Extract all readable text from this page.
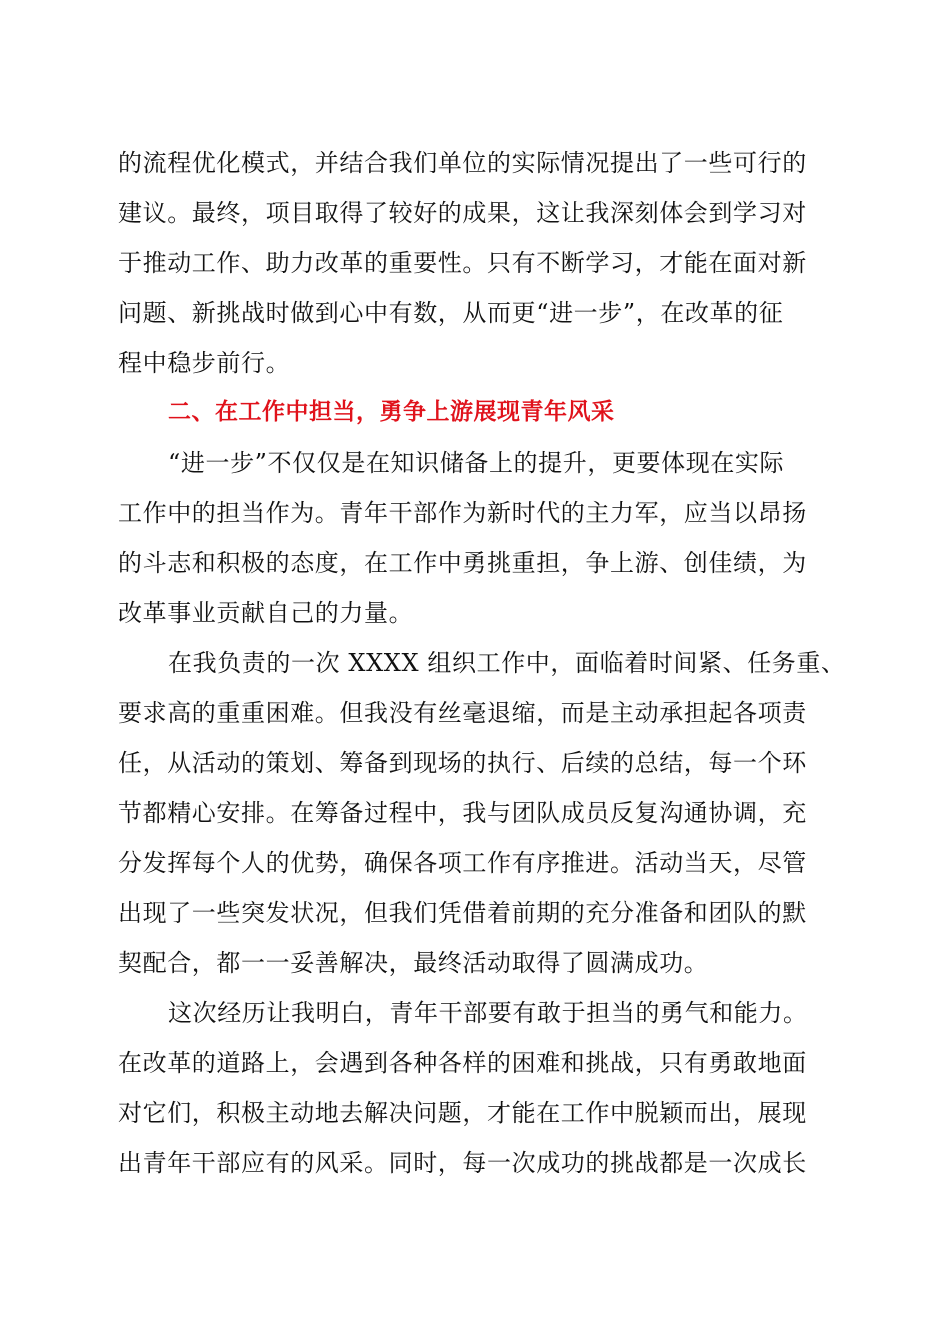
的流程优化模式，并结合我们单位的实际情况提出了一些可行的
建议。最终，项目取得了较好的成果，这让我深刻体会到学习对
于推动工作、助力改革的重要性。只有不断学习，才能在面对新
问题、新挑战时做到心中有数，从而更“进一步”，在改革的征
程中稳步前行。
二、在工作中担当，勇争上游展现青年风采
“进一步”不仅仅是在知识储备上的提升，更要体现在实际
工作中的担当作为。青年干部作为新时代的主力军，应当以昂扬
的斗志和积极的态度，在工作中勇挑重担，争上游、创佳绩，为
改革事业贡献自己的力量。
在我负责的一次 XXXX 组织工作中，面临着时间紧、任务重、
要求高的重重困难。但我没有丝毫退缩，而是主动承担起各项责
任，从活动的策划、筹备到现场的执行、后续的总结，每一个环
节都精心安排。在筹备过程中，我与团队成员反复沟通协调，充
分发挥每个人的优势，确保各项工作有序推进。活动当天，尽管
出现了一些突发状况，但我们凭借着前期的充分准备和团队的默
契配合，都一一妥善解决，最终活动取得了圆满成功。
这次经历让我明白，青年干部要有敢于担当的勇气和能力。
在改革的道路上，会遇到各种各样的困难和挑战，只有勇敢地面
对它们，积极主动地去解决问题，才能在工作中脱颖而出，展现
出青年干部应有的风采。同时，每一次成功的挑战都是一次成长
